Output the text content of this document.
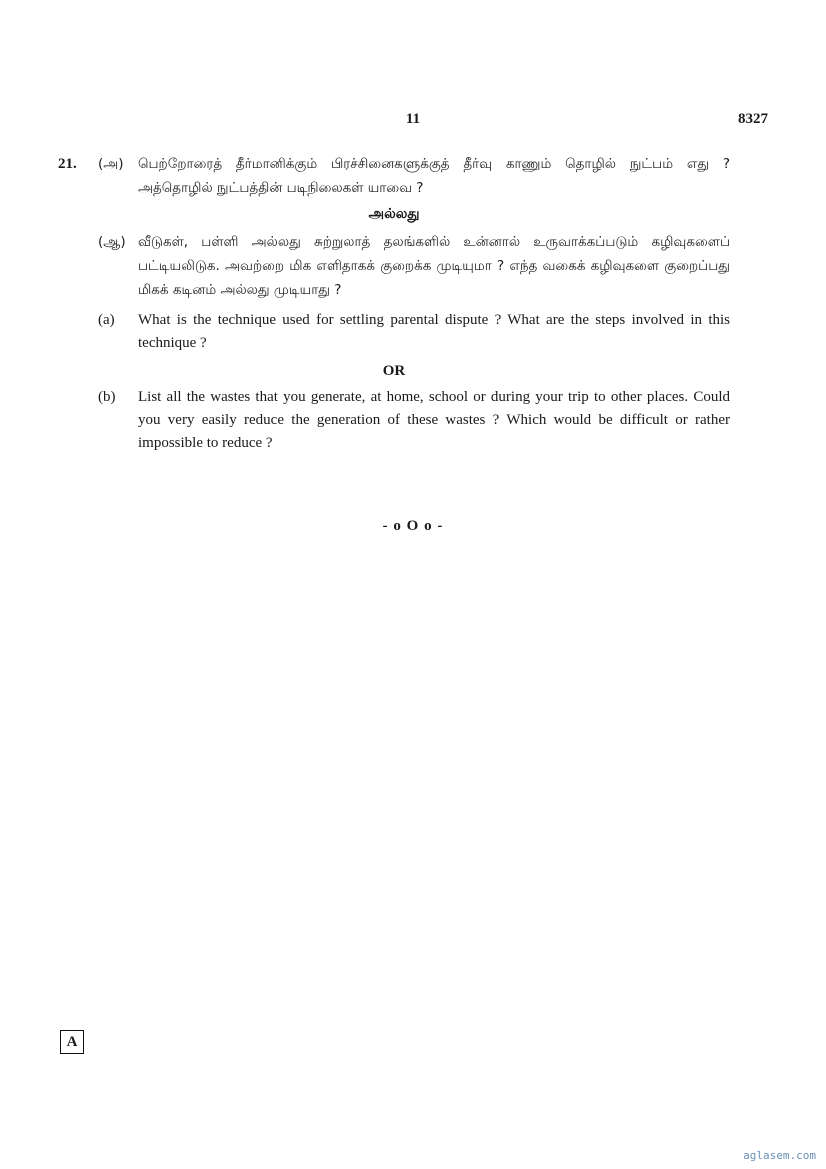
11	8327
21. (அ) பெற்றோரைத் தீர்மானிக்கும் பிரச்சினைகளுக்குத் தீர்வு காணும் தொழில் நுட்பம் எது ? அத்தொழில் நுட்பத்தின் படிநிலைகள் யாவை ?
அல்லது
(ஆ) வீடுகள், பள்ளி அல்லது சுற்றுலாத் தலங்களில் உன்னால் உருவாக்கப்படும் கழிவுகளைப் பட்டியலிடுக. அவற்றை மிக எளிதாகக் குறைக்க முடியுமா ? எந்த வகைக் கழிவுகளை குறைப்பது மிகக் கடினம் அல்லது முடியாது ?
(a) What is the technique used for settling parental dispute ? What are the steps involved in this technique ?
OR
(b) List all the wastes that you generate, at home, school or during your trip to other places. Could you very easily reduce the generation of these wastes ? Which would be difficult or rather impossible to reduce ?
- o O o -
A
aglasem.com
